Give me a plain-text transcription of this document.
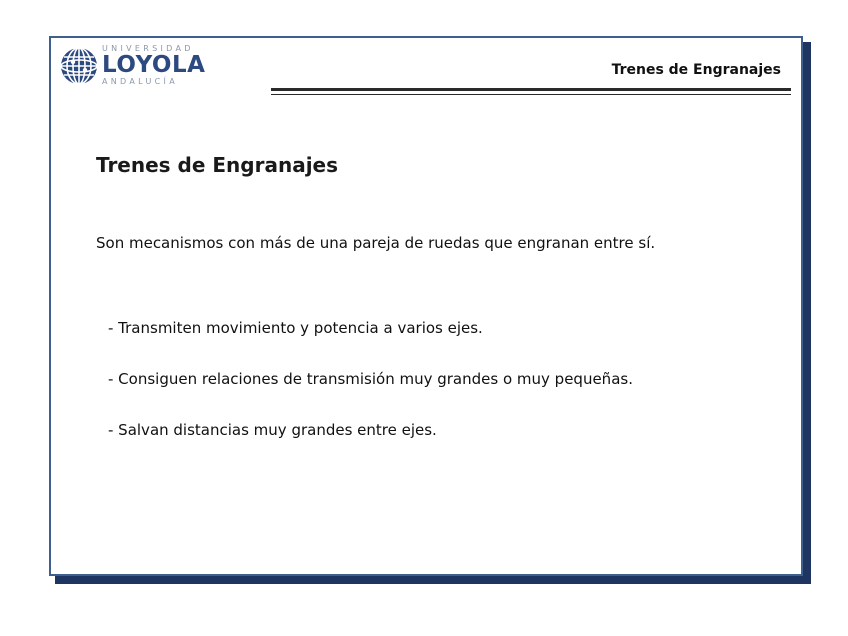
UNIVERSIDAD
LOYOLA
ANDALUCÍA
Trenes de Engranajes
Trenes de Engranajes

Son mecanismos con más de una pareja de ruedas que engranan entre sí.

- Transmiten movimiento y potencia a varios ejes.
- Consiguen relaciones de transmisión muy grandes o muy pequeñas.
- Salvan distancias muy grandes entre ejes.
